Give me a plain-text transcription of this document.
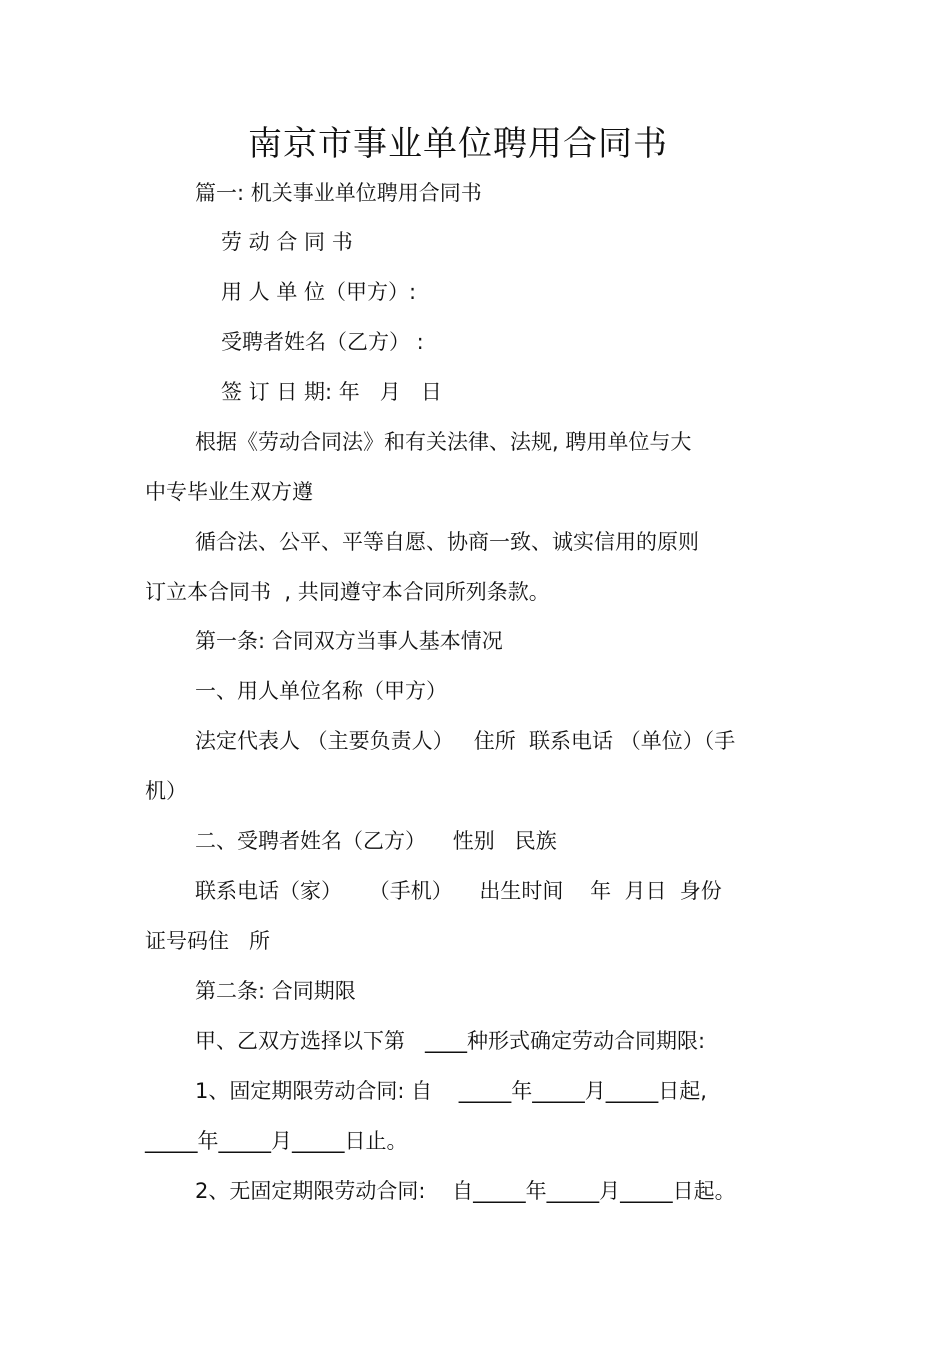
南京市事业单位聘用合同书
篇一: 机关事业单位聘用合同书
劳 动 合 同 书
用 人 单 位（甲方）:
受聘者姓名（乙方） :
签 订 日 期: 年   月   日
根据《劳动合同法》和有关法律、法规, 聘用单位与大
中专毕业生双方遵
循合法、公平、平等自愿、协商一致、诚实信用的原则
订立本合同书  , 共同遵守本合同所列条款。
第一条: 合同双方当事人基本情况
一、用人单位名称（甲方）
法定代表人 （主要负责人）   住所  联系电话 （单位）（手
机）
二、受聘者姓名（乙方）    性别   民族
联系电话（家）    （手机）    出生时间    年  月日  身份
证号码住   所
第二条: 合同期限
甲、乙双方选择以下第   ____种形式确定劳动合同期限:
1、固定期限劳动合同: 自    _____年_____月_____日起,
_____年_____月_____日止。
2、无固定期限劳动合同:    自_____年_____月_____日起。
